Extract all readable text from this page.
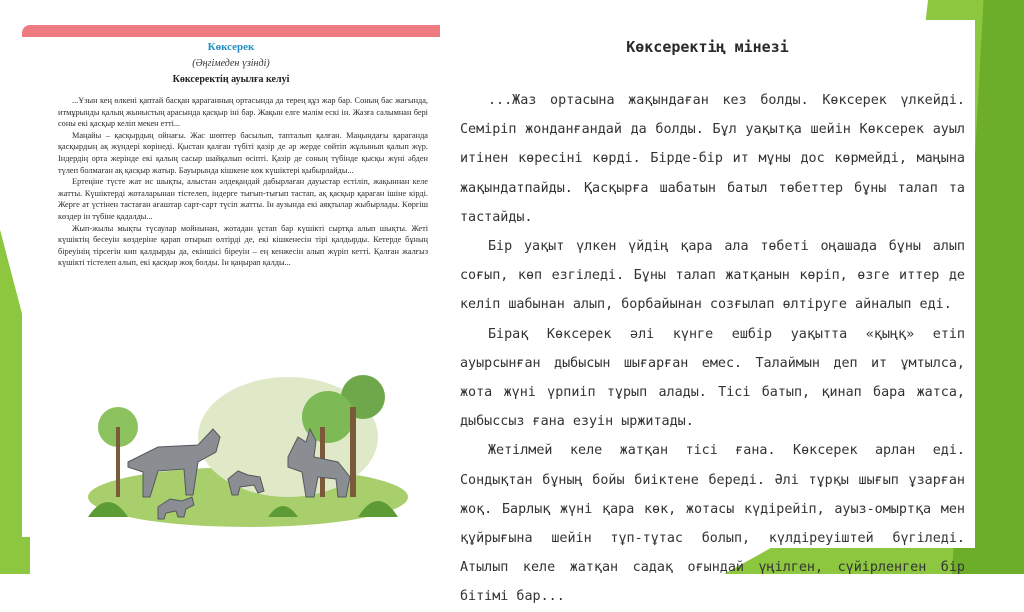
Көксерек
(Әңгімеден үзінді)
Көксеректің ауылға келуі

...Ұзын кең өлкені қаптай басқан қараганның ортасында да терең құз жар бар. Соның бас жағында, итмұрынды қалың жыныстың арасында қасқыр іні бар. Жақын елге мәлім ескі ін. Жазға салымнан бері соны екі қасқыр келіп мекен етті...

Маңайы – қасқырдың ойнағы. Жас шөптер басылып, тапталып қалған. Маңындағы қараганда қасқырдың ақ жүндері көрінеді. Қыстан қалған түбіті қазір де әр жерде сөйтіп жұлынып қалып жүр. Індердің орта жерінде екі қалың сасыр шайқалып өсіпті. Қазір де соның түбінде қысқы жүні әбден түлеп болмаған ақ қасқыр жатыр. Бауырында кішкене көк күшіктері қыбырлайды...

Ертеңіне түсте жат ис шықты, алыстан әлдеқандай дабырлаған дауыстар естіліп, жақыннан келе жатты. Күшіктерді жоталарынан тістелеп, індерге тығып-тығып тастап, ақ қасқыр қараган ішіне кірді. Жерге ат үстінен тастаған ағаштар сарт-сарт түсіп жатты. Ін аузында екі аяқтылар жыбырлады. Көргіш көздер ін түбіне қадалды...

Жып-жылы мықты түсаулар мойнынан, жотадан ұстап бар күшікті сыртқа алып шықты. Жеті күшіктің бесеуін көздеріне қарап отырып өлтірді де, екі кішкенесін тірі қалдырды. Кетерде бұның біреуінің тірсегін кип қалдырды да, екіншісі біреуін – ең кенжесін алып жүріп кетті. Қалған жалғыз күшікті тістелеп алып, екі қасқыр жоқ болды. Ін қаңырап қалды...

Көксеректің мінезі

...Жаз ортасына жақындаған кез болды. Көксерек үлкейді. Семіріп жонданғандай да болды. Бұл уақытқа шейін Көксерек ауыл итінен көресіні көрді. Бірде-бір ит мұны дос көрмейді, маңына жақындатпайды. Қасқырға шабатын батыл төбеттер бұны талап та тастайды.

Бір уақыт үлкен үйдің қара ала төбеті оңашада бұны алып соғып, көп езгіледі. Бұны талап жатқанын көріп, өзге иттер де келіп шабынан алып, борбайынан созғылап өлтіруге айналып еді.

Бірақ Көксерек әлі күнге ешбір уақытта «қыңқ» етіп ауырсынған дыбысын шығарған емес. Талаймын деп ит ұмтылса, жота жүні үрпиіп тұрып алады. Тісі батып, қинап бара жатса, дыбыссыз ғана езуін ыржитады.

Жетілмей келе жатқан тісі ғана. Көксерек арлан еді. Сондықтан бұның бойы биіктене береді. Әлі тұрқы шығып ұзарған жоқ. Барлық жүні қара көк, жотасы күдірейіп, ауыз-омыртқа мен құйрығына шейін тұп-тұтас болып, күлдіреуіштей бүгіледі. Атылып келе жатқан садақ оғындай үңілген, сүйірленген бір бітімі бар...
